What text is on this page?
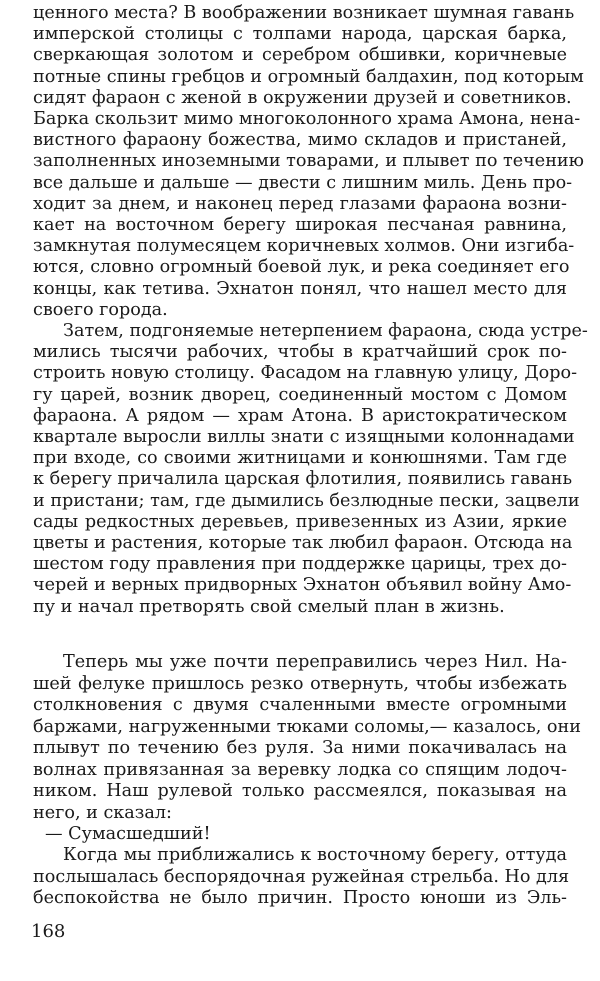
ценного места? В воображении возникает шумная гавань
имперской столицы с толпами народа, царская барка,
сверкающая золотом и серебром обшивки, коричневые
потные спины гребцов и огромный балдахин, под которым
сидят фараон с женой в окружении друзей и советников.
Барка скользит мимо многоколонного храма Амона, нена-
вистного фараону божества, мимо складов и пристаней,
заполненных иноземными товарами, и плывет по течению
все дальше и дальше — двести с лишним миль. День про-
ходит за днем, и наконец перед глазами фараона возни-
кает на восточном берегу широкая песчаная равнина,
замкнутая полумесяцем коричневых холмов. Они изгиба-
ются, словно огромный боевой лук, и река соединяет его
концы, как тетива. Эхнатон понял, что нашел место для
своего города.
Затем, подгоняемые нетерпением фараона, сюда устре-
мились тысячи рабочих, чтобы в кратчайший срок по-
строить новую столицу. Фасадом на главную улицу, Доро-
гу царей, возник дворец, соединенный мостом с Домом
фараона. А рядом — храм Атона. В аристократическом
квартале выросли виллы знати с изящными колоннадами
при входе, со своими житницами и конюшнями. Там где
к берегу причалила царская флотилия, появились гавань
и пристани; там, где дымились безлюдные пески, зацвели
сады редкостных деревьев, привезенных из Азии, яркие
цветы и растения, которые так любил фараон. Отсюда на
шестом году правления при поддержке царицы, трех до-
черей и верных придворных Эхнатон объявил войну Амо-
пу и начал претворять свой смелый план в жизнь.
Теперь мы уже почти переправились через Нил. На-
шей фелуке пришлось резко отвернуть, чтобы избежать
столкновения с двумя счаленными вместе огромными
баржами, нагруженными тюками соломы,— казалось, они
плывут по течению без руля. За ними покачивалась на
волнах привязанная за веревку лодка со спящим лодоч-
ником. Наш рулевой только рассмеялся, показывая на
него, и сказал:
— Сумасшедший!
168
Когда мы приближались к восточному берегу, оттуда
послышалась беспорядочная ружейная стрельба. Но для
беспокойства не было причин. Просто юноши из Эль-
